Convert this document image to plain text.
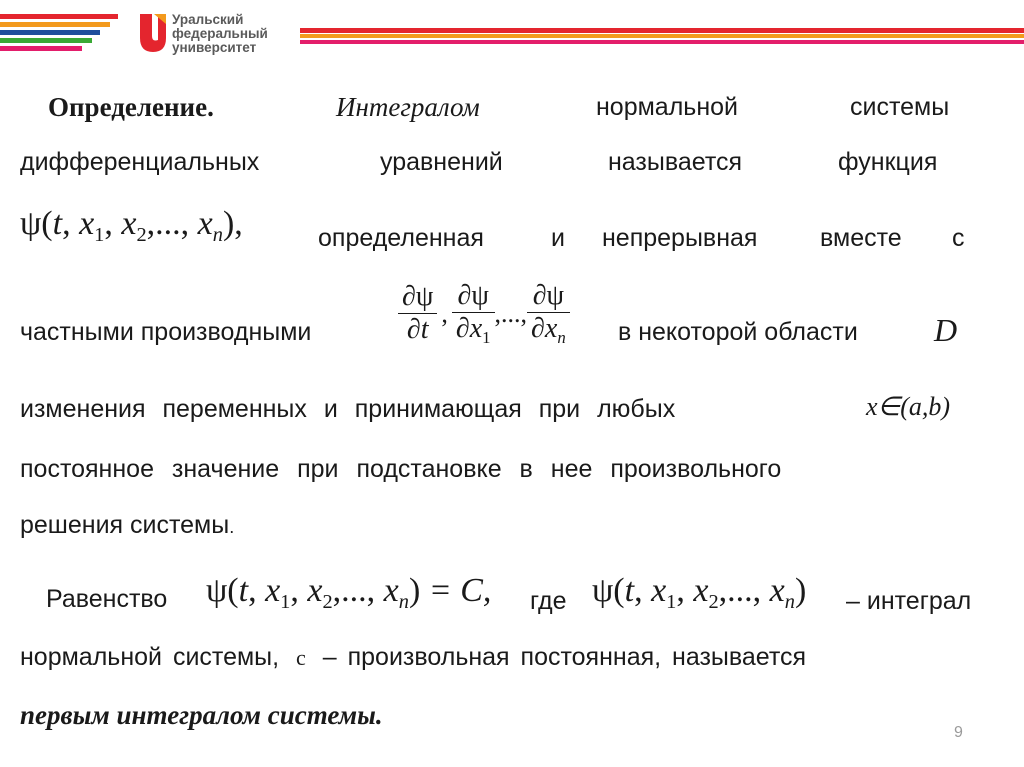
Уральский
федеральный
университет
Определение.	Интегралом	нормальной	системы
дифференциальных	уравнений	называется	функция
ψ(t, $x_1$, $x_2$,..., $x_n$),	определенная	и непрерывная	вместе с
частными производными	$\frac{\partial\psi}{\partial t}$ , $\frac{\partial\psi}{\partial x_1}$ ,..., $\frac{\partial\psi}{\partial x_n}$ в некоторой области D
изменения переменных и принимающая при любых	x∈(a,b)
постоянное значение при подстановке в нее произвольного
решения системы.
Равенство ψ(t, $x_1$, $x_2$,..., $x_n) = C$, где ψ(t, $x_1$, $x_2$,..., $x_n$) – интеграл
нормальной системы, c – произвольная постоянная, называется
первым интегралом системы.
9
